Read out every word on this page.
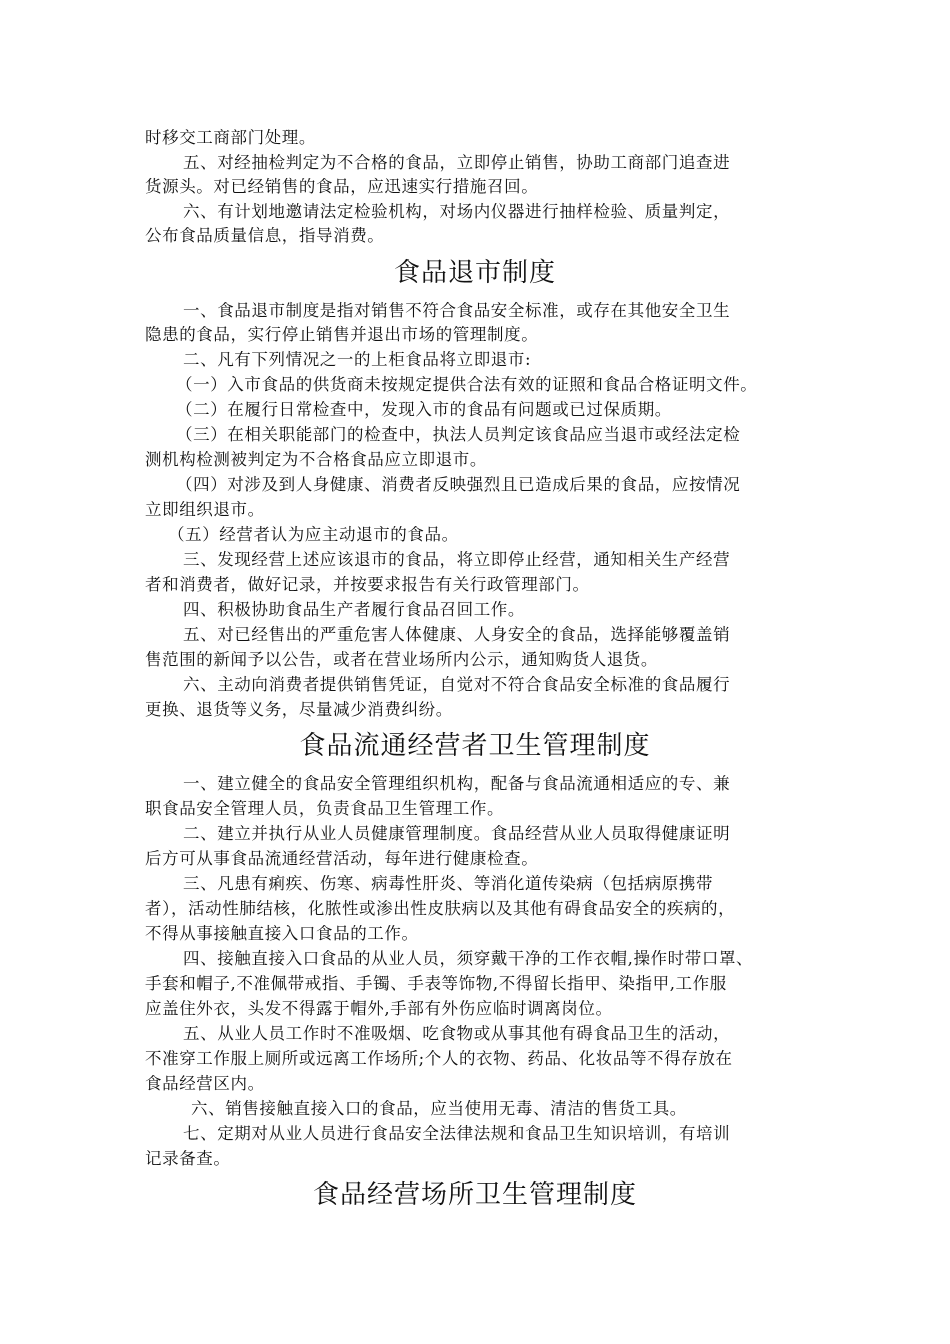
时移交工商部门处理。
五、对经抽检判定为不合格的食品，立即停止销售，协助工商部门追查进
货源头。对已经销售的食品，应迅速实行措施召回。
六、有计划地邀请法定检验机构，对场内仪器进行抽样检验、质量判定，
公布食品质量信息，指导消费。
食品退市制度
一、食品退市制度是指对销售不符合食品安全标准，或存在其他安全卫生
隐患的食品，实行停止销售并退出市场的管理制度。
二、凡有下列情况之一的上柜食品将立即退市:
（一）入市食品的供货商未按规定提供合法有效的证照和食品合格证明文件。
（二）在履行日常检查中，发现入市的食品有问题或已过保质期。
（三）在相关职能部门的检查中，执法人员判定该食品应当退市或经法定检
测机构检测被判定为不合格食品应立即退市。
（四）对涉及到人身健康、消费者反映强烈且已造成后果的食品，应按情况
立即组织退市。
（五）经营者认为应主动退市的食品。
三、发现经营上述应该退市的食品，将立即停止经营，通知相关生产经营
者和消费者，做好记录，并按要求报告有关行政管理部门。
四、积极协助食品生产者履行食品召回工作。
五、对已经售出的严重危害人体健康、人身安全的食品，选择能够覆盖销
售范围的新闻予以公告，或者在营业场所内公示，通知购货人退货。
六、主动向消费者提供销售凭证，自觉对不符合食品安全标准的食品履行
更换、退货等义务，尽量减少消费纠纷。
食品流通经营者卫生管理制度
一、建立健全的食品安全管理组织机构，配备与食品流通相适应的专、兼
职食品安全管理人员，负责食品卫生管理工作。
二、建立并执行从业人员健康管理制度。食品经营从业人员取得健康证明
后方可从事食品流通经营活动，每年进行健康检查。
三、凡患有痢疾、伤寒、病毒性肝炎、等消化道传染病（包括病原携带
者），活动性肺结核，化脓性或渗出性皮肤病以及其他有碍食品安全的疾病的，
不得从事接触直接入口食品的工作。
四、接触直接入口食品的从业人员，须穿戴干净的工作衣帽,操作时带口罩、
手套和帽子,不准佩带戒指、手镯、手表等饰物,不得留长指甲、染指甲,工作服
应盖住外衣，头发不得露于帽外,手部有外伤应临时调离岗位。
五、从业人员工作时不准吸烟、吃食物或从事其他有碍食品卫生的活动，
不准穿工作服上厕所或远离工作场所;个人的衣物、药品、化妆品等不得存放在
食品经营区内。
六、销售接触直接入口的食品，应当使用无毒、清洁的售货工具。
七、定期对从业人员进行食品安全法律法规和食品卫生知识培训，有培训
记录备查。
食品经营场所卫生管理制度
